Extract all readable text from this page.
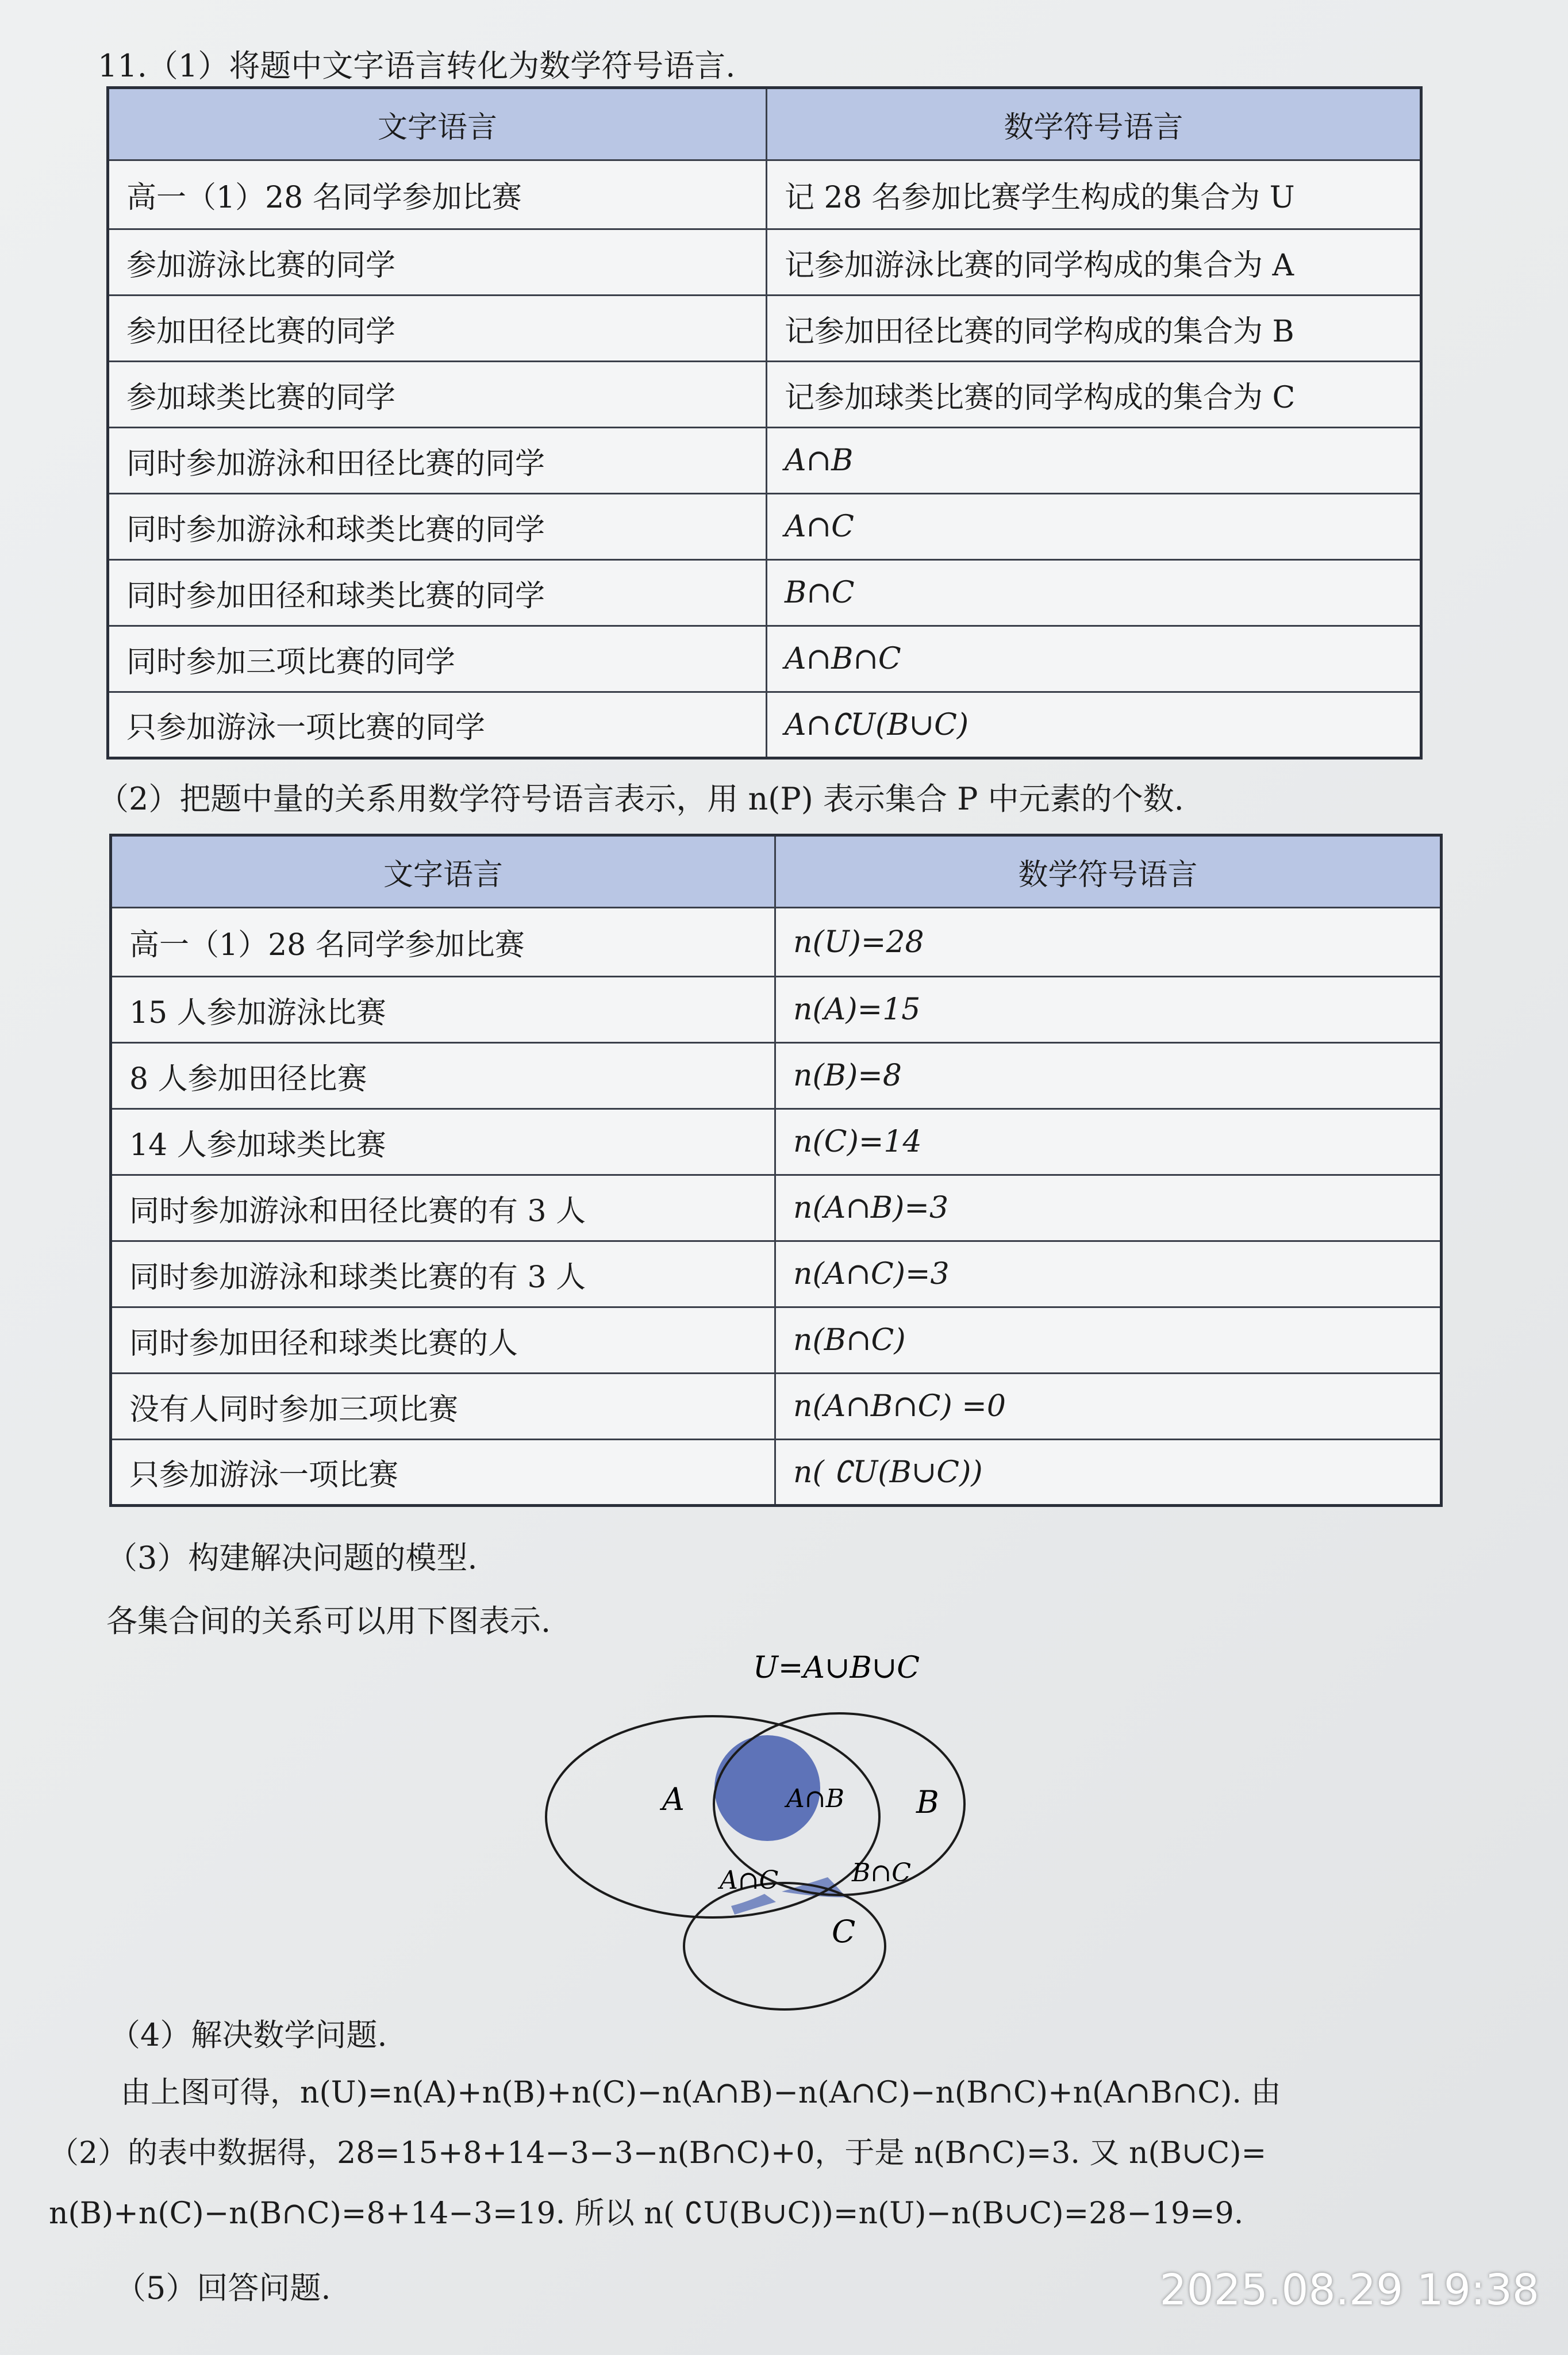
11.（1）将题中文字语言转化为数学符号语言.
文字语言	数学符号语言
高一（1）28 名同学参加比赛	记 28 名参加比赛学生构成的集合为 U
参加游泳比赛的同学	记参加游泳比赛的同学构成的集合为 A
参加田径比赛的同学	记参加田径比赛的同学构成的集合为 B
参加球类比赛的同学	记参加球类比赛的同学构成的集合为 C
同时参加游泳和田径比赛的同学	A∩B
同时参加游泳和球类比赛的同学	A∩C
同时参加田径和球类比赛的同学	B∩C
同时参加三项比赛的同学	A∩B∩C
只参加游泳一项比赛的同学	A∩∁U(B∪C)
（2）把题中量的关系用数学符号语言表示，用 n(P) 表示集合 P 中元素的个数.
文字语言	数学符号语言
高一（1）28 名同学参加比赛	n(U)=28
15 人参加游泳比赛	n(A)=15
8 人参加田径比赛	n(B)=8
14 人参加球类比赛	n(C)=14
同时参加游泳和田径比赛的有 3 人	n(A∩B)=3
同时参加游泳和球类比赛的有 3 人	n(A∩C)=3
同时参加田径和球类比赛的人	n(B∩C)
没有人同时参加三项比赛	n(A∩B∩C) =0
只参加游泳一项比赛	n( ∁U(B∪C))
（3）构建解决问题的模型.
各集合间的关系可以用下图表示.
U=A∪B∪C
A	B
C
A∩B
A∩C	B∩C
（4）解决数学问题.
由上图可得，n(U)=n(A)+n(B)+n(C)−n(A∩B)−n(A∩C)−n(B∩C)+n(A∩B∩C). 由
（2）的表中数据得，28=15+8+14−3−3−n(B∩C)+0，于是 n(B∩C)=3. 又 n(B∪C)=
n(B)+n(C)−n(B∩C)=8+14−3=19. 所以 n( ∁U(B∪C))=n(U)−n(B∪C)=28−19=9.
（5）回答问题.	2025.08.29 19:38
